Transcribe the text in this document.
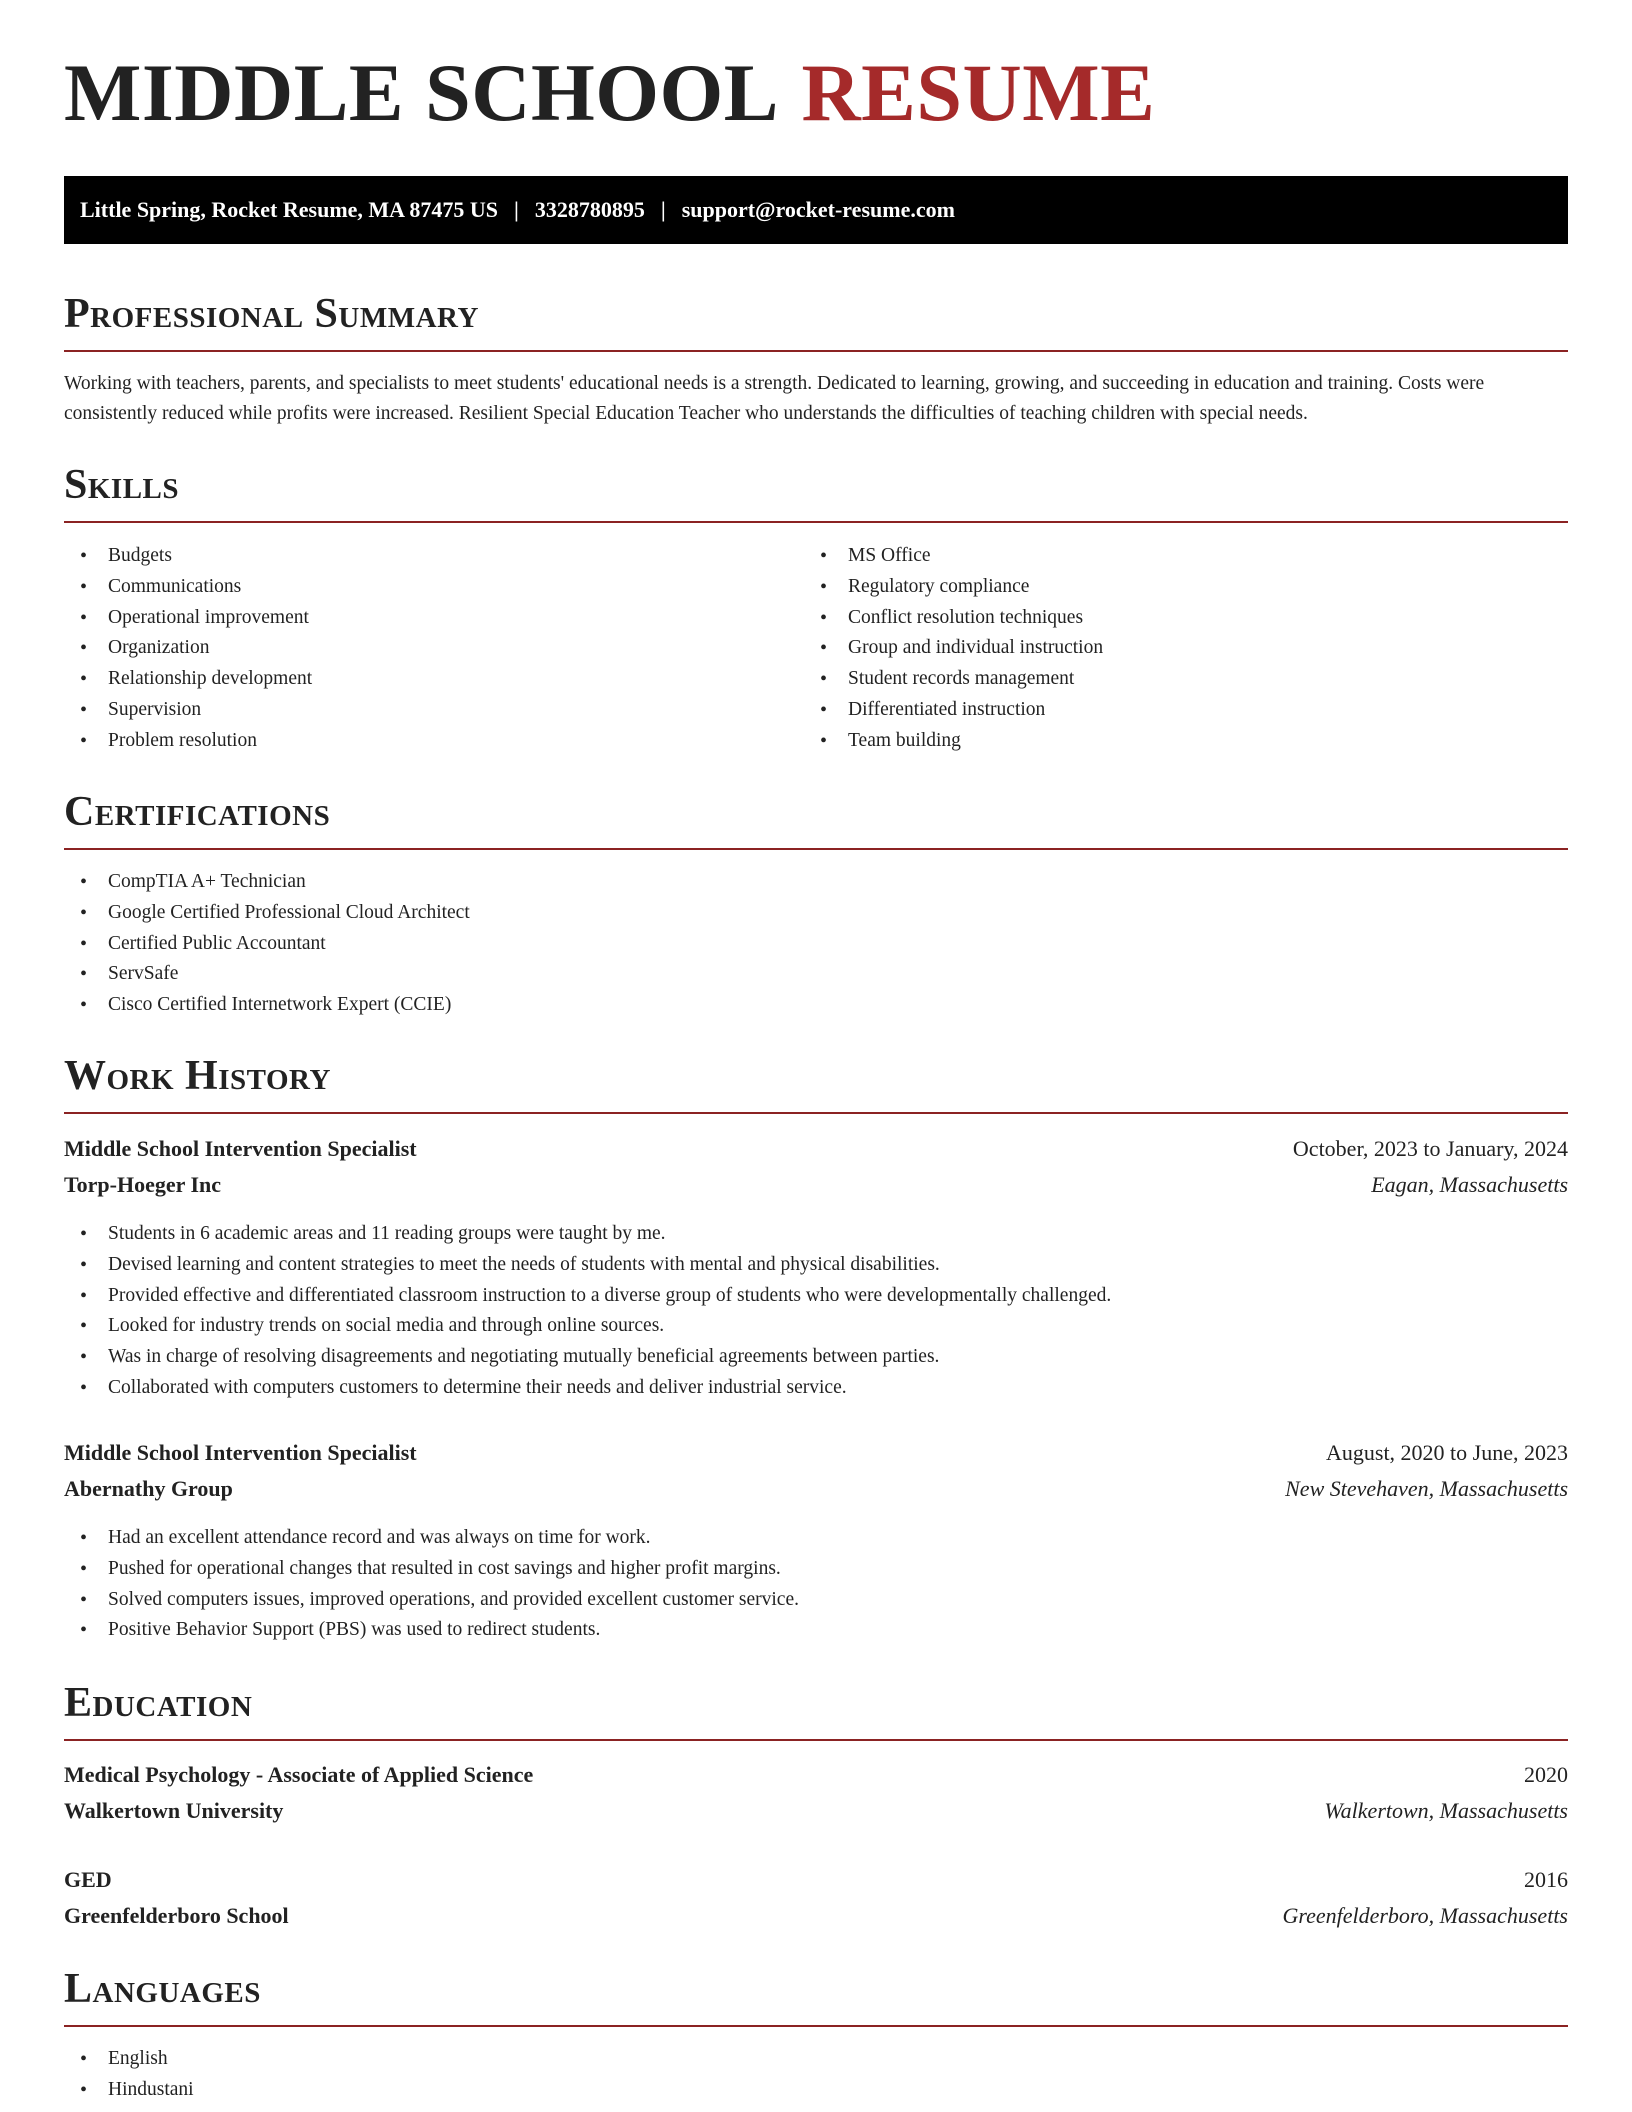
MIDDLE SCHOOL RESUME
Little Spring, Rocket Resume, MA 87475 US | 3328780895 | support@rocket-resume.com
Professional Summary

Working with teachers, parents, and specialists to meet students' educational needs is a strength. Dedicated to learning, growing, and succeeding in education and training. Costs were consistently reduced while profits were increased. Resilient Special Education Teacher who understands the difficulties of teaching children with special needs.

Skills
• Budgets
• Communications
• Operational improvement
• Organization
• Relationship development
• Supervision
• Problem resolution
• MS Office
• Regulatory compliance
• Conflict resolution techniques
• Group and individual instruction
• Student records management
• Differentiated instruction
• Team building
Certifications
• CompTIA A+ Technician
• Google Certified Professional Cloud Architect
• Certified Public Accountant
• ServSafe
• Cisco Certified Internetwork Expert (CCIE)
Work History
Middle School Intervention Specialist	October, 2023 to January, 2024
Torp-Hoeger Inc	Eagan, Massachusetts
• Students in 6 academic areas and 11 reading groups were taught by me.
• Devised learning and content strategies to meet the needs of students with mental and physical disabilities.
• Provided effective and differentiated classroom instruction to a diverse group of students who were developmentally challenged.
• Looked for industry trends on social media and through online sources.
• Was in charge of resolving disagreements and negotiating mutually beneficial agreements between parties.
• Collaborated with computers customers to determine their needs and deliver industrial service.
Middle School Intervention Specialist	August, 2020 to June, 2023
Abernathy Group	New Stevehaven, Massachusetts
• Had an excellent attendance record and was always on time for work.
• Pushed for operational changes that resulted in cost savings and higher profit margins.
• Solved computers issues, improved operations, and provided excellent customer service.
• Positive Behavior Support (PBS) was used to redirect students.
Education
Medical Psychology - Associate of Applied Science	2020
Walkertown University	Walkertown, Massachusetts
GED	2016
Greenfelderboro School	Greenfelderboro, Massachusetts
Languages
• English
• Hindustani
